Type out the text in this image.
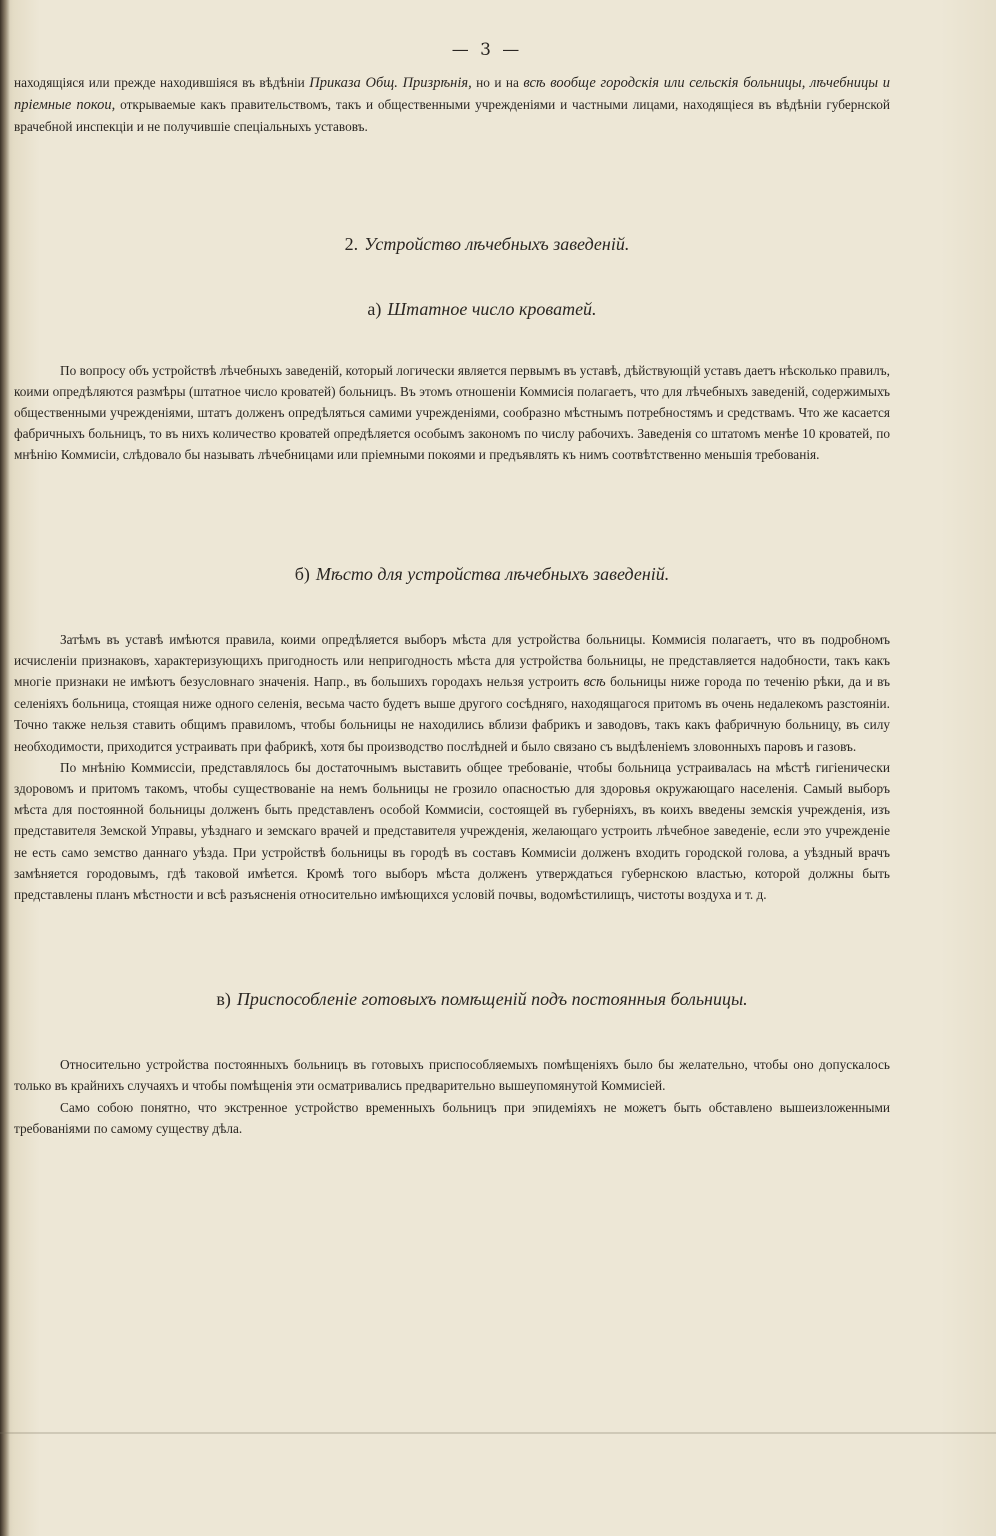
— 3 —

находящіяся или прежде находившіяся въ вѣдѣніи Приказа Общ. Призрѣнія, но и на всѣ вообще городскія или сельскія больницы, лѣчебницы и пріемные покои, открываемые какъ правительствомъ, такъ и общественными учрежденіями и частными лицами, находящіеся въ вѣдѣніи губернской врачебной инспекціи и не получившіе спеціальныхъ уставовъ.

2. Устройство лѣчебныхъ заведеній.
а) Штатное число кроватей.

По вопросу объ устройствѣ лѣчебныхъ заведеній, который логически является первымъ въ уставѣ, дѣйствующій уставъ даетъ нѣсколько правилъ, коими опредѣляются размѣры (штатное число кроватей) больницъ. Въ этомъ отношеніи Коммисія полагаетъ, что для лѣчебныхъ заведеній, содержимыхъ общественными учрежденіями, штатъ долженъ опредѣляться самими учрежденіями, сообразно мѣстнымъ потребностямъ и средствамъ. Что же касается фабричныхъ больницъ, то въ нихъ количество кроватей опредѣляется особымъ закономъ по числу рабочихъ. Заведенія со штатомъ менѣе 10 кроватей, по мнѣнію Коммисіи, слѣдовало бы называть лѣчебницами или пріемными покоями и предъявлять къ нимъ соотвѣтственно меньшія требованія.

б) Мѣсто для устройства лѣчебныхъ заведеній.

Затѣмъ въ уставѣ имѣются правила, коими опредѣляется выборъ мѣста для устройства больницы. Коммисія полагаетъ, что въ подробномъ исчисленіи признаковъ, характеризующихъ пригодность или непригодность мѣста для устройства больницы, не представляется надобности, такъ какъ многіе признаки не имѣютъ безусловнаго значенія. Напр., въ большихъ городахъ нельзя устроить всѣ больницы ниже города по теченію рѣки, да и въ селеніяхъ больница, стоящая ниже одного селенія, весьма часто будетъ выше другого сосѣдняго, находящагося притомъ въ очень недалекомъ разстояніи. Точно также нельзя ставить общимъ правиломъ, чтобы больницы не находились вблизи фабрикъ и заводовъ, такъ какъ фабричную больницу, въ силу необходимости, приходится устраивать при фабрикѣ, хотя бы производство послѣдней и было связано съ выдѣленіемъ зловонныхъ паровъ и газовъ.

По мнѣнію Коммиссіи, представлялось бы достаточнымъ выставить общее требованіе, чтобы больница устраивалась на мѣстѣ гигіенически здоровомъ и притомъ такомъ, чтобы существованіе на немъ больницы не грозило опасностью для здоровья окружающаго населенія. Самый выборъ мѣста для постоянной больницы долженъ быть представленъ особой Коммисіи, состоящей въ губерніяхъ, въ коихъ введены земскія учрежденія, изъ представителя Земской Управы, уѣзднаго и земскаго врачей и представителя учрежденія, желающаго устроить лѣчебное заведеніе, если это учрежденіе не есть само земство даннаго уѣзда. При устройствѣ больницы въ городѣ въ составъ Коммисіи долженъ входить городской голова, а уѣздный врачъ замѣняется городовымъ, гдѣ таковой имѣется. Кромѣ того выборъ мѣста долженъ утверждаться губернскою властью, которой должны быть представлены планъ мѣстности и всѣ разъясненія относительно имѣющихся условій почвы, водомѣстилищъ, чистоты воздуха и т. д.

в) Приспособленіе готовыхъ помѣщеній подъ постоянныя больницы.

Относительно устройства постоянныхъ больницъ въ готовыхъ приспособляемыхъ помѣщеніяхъ было бы желательно, чтобы оно допускалось только въ крайнихъ случаяхъ и чтобы помѣщенія эти осматривались предварительно вышеупомянутой Коммисіей.

Само собою понятно, что экстренное устройство временныхъ больницъ при эпидеміяхъ не можетъ быть обставлено вышеизложенными требованіями по самому существу дѣла.
